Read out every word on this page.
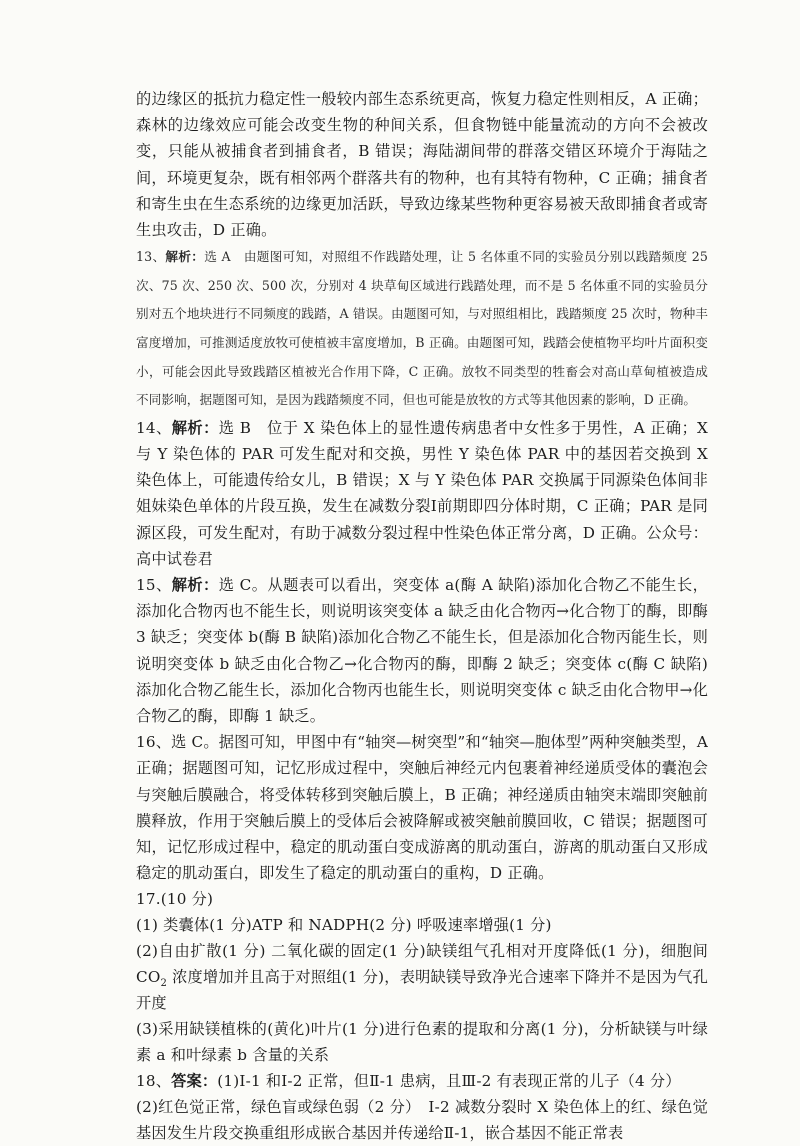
的边缘区的抵抗力稳定性一般较内部生态系统更高，恢复力稳定性则相反，A 正确；森林的边缘效应可能会改变生物的种间关系，但食物链中能量流动的方向不会被改变，只能从被捕食者到捕食者，B 错误；海陆湖间带的群落交错区环境介于海陆之间，环境更复杂，既有相邻两个群落共有的物种，也有其特有物种，C 正确；捕食者和寄生虫在生态系统的边缘更加活跃，导致边缘某些物种更容易被天敌即捕食者或寄生虫攻击，D 正确。

13、解析：选 A　由题图可知，对照组不作践踏处理，让 5 名体重不同的实验员分别以践踏频度 25 次、75 次、250 次、500 次，分别对 4 块草甸区域进行践踏处理，而不是 5 名体重不同的实验员分别对五个地块进行不同频度的践踏，A 错误。由题图可知，与对照组相比，践踏频度 25 次时，物种丰富度增加，可推测适度放牧可使植被丰富度增加，B 正确。由题图可知，践踏会使植物平均叶片面积变小，可能会因此导致践踏区植被光合作用下降，C 正确。放牧不同类型的牲畜会对高山草甸植被造成不同影响，据题图可知，是因为践踏频度不同，但也可能是放牧的方式等其他因素的影响，D 正确。

14、解析：选 B　位于 X 染色体上的显性遗传病患者中女性多于男性，A 正确；X 与 Y 染色体的 PAR 可发生配对和交换，男性 Y 染色体 PAR 中的基因若交换到 X 染色体上，可能遗传给女儿，B 错误；X 与 Y 染色体 PAR 交换属于同源染色体间非姐妹染色单体的片段互换，发生在减数分裂Ⅰ前期即四分体时期，C 正确；PAR 是同源区段，可发生配对，有助于减数分裂过程中性染色体正常分离，D 正确。公众号：高中试卷君

15、解析：选 C。从题表可以看出，突变体 a(酶 A 缺陷)添加化合物乙不能生长，添加化合物丙也不能生长，则说明该突变体 a 缺乏由化合物丙→化合物丁的酶，即酶 3 缺乏；突变体 b(酶 B 缺陷)添加化合物乙不能生长，但是添加化合物丙能生长，则说明突变体 b 缺乏由化合物乙→化合物丙的酶，即酶 2 缺乏；突变体 c(酶 C 缺陷) 添加化合物乙能生长，添加化合物丙也能生长，则说明突变体 c 缺乏由化合物甲→化合物乙的酶，即酶 1 缺乏。

16、选 C。据图可知，甲图中有“轴突—树突型”和“轴突—胞体型”两种突触类型，A 正确；据题图可知，记忆形成过程中，突触后神经元内包裹着神经递质受体的囊泡会与突触后膜融合，将受体转移到突触后膜上，B 正确；神经递质由轴突末端即突触前膜释放，作用于突触后膜上的受体后会被降解或被突触前膜回收，C 错误；据题图可知，记忆形成过程中，稳定的肌动蛋白变成游离的肌动蛋白，游离的肌动蛋白又形成稳定的肌动蛋白，即发生了稳定的肌动蛋白的重构，D 正确。

17.(10 分)

(1) 类囊体(1 分)ATP 和 NADPH(2 分) 呼吸速率增强(1 分)

(2)自由扩散(1 分) 二氧化碳的固定(1 分)缺镁组气孔相对开度降低(1 分)，细胞间 $CO_2$ 浓度增加并且高于对照组(1 分)，表明缺镁导致净光合速率下降并不是因为气孔开度

(3)采用缺镁植株的(黄化)叶片(1 分)进行色素的提取和分离(1 分)，分析缺镁与叶绿素 a 和叶绿素 b 含量的关系

18、答案：(1)Ⅰ-1 和Ⅰ-2 正常，但Ⅱ-1 患病，且Ⅲ-2 有表现正常的儿子（4 分）

(2)红色觉正常，绿色盲或绿色弱（2 分）　Ⅰ-2 减数分裂时 X 染色体上的红、绿色觉基因发生片段交换重组形成嵌合基因并传递给Ⅱ-1，嵌合基因不能正常表
